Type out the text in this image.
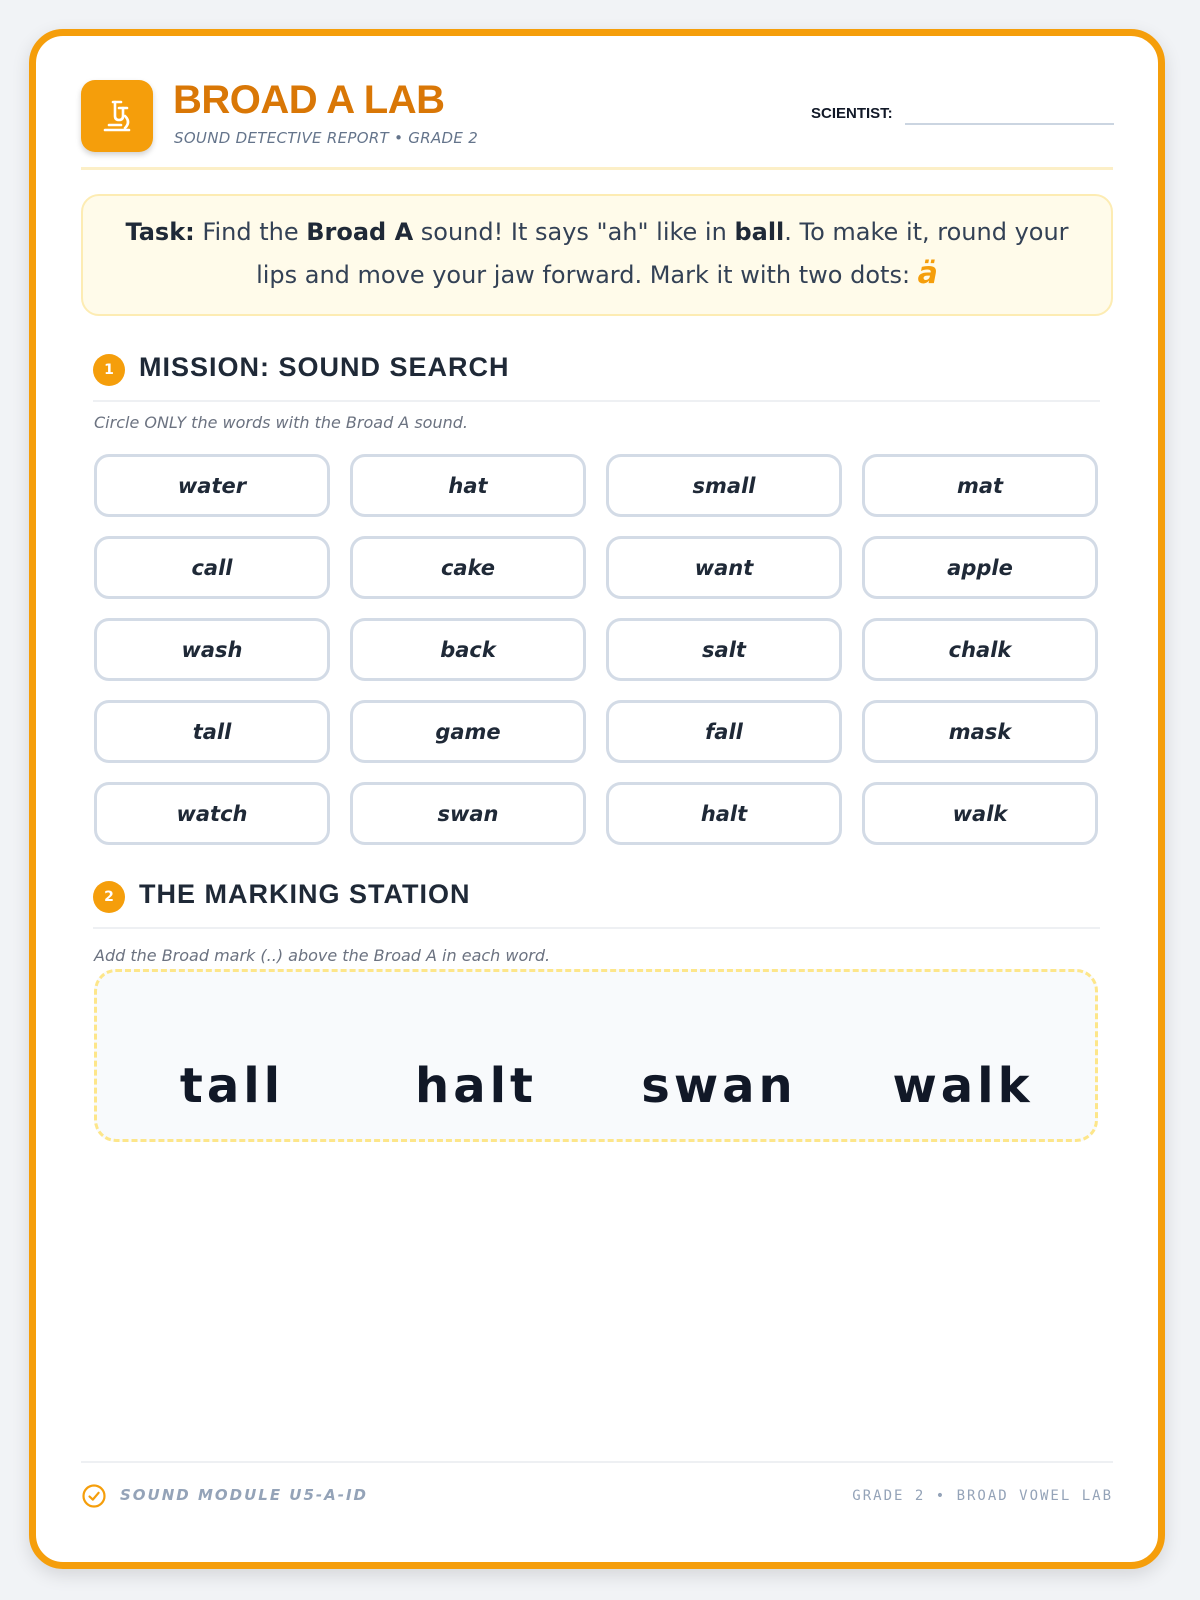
BROAD A LAB
SOUND DETECTIVE REPORT • GRADE 2
SCIENTIST:
Task: Find the Broad A sound! It says "ah" like in ball. To make it, round your lips and move your jaw forward. Mark it with two dots: ä
1 MISSION: SOUND SEARCH
Circle ONLY the words with the Broad A sound.
water	hat	small	mat
call	cake	want	apple
wash	back	salt	chalk
tall	game	fall	mask
watch	swan	halt	walk
2 THE MARKING STATION
Add the Broad mark (..) above the Broad A in each word.
tall	halt	swan	walk
SOUND MODULE U5-A-ID	GRADE 2 • BROAD VOWEL LAB
